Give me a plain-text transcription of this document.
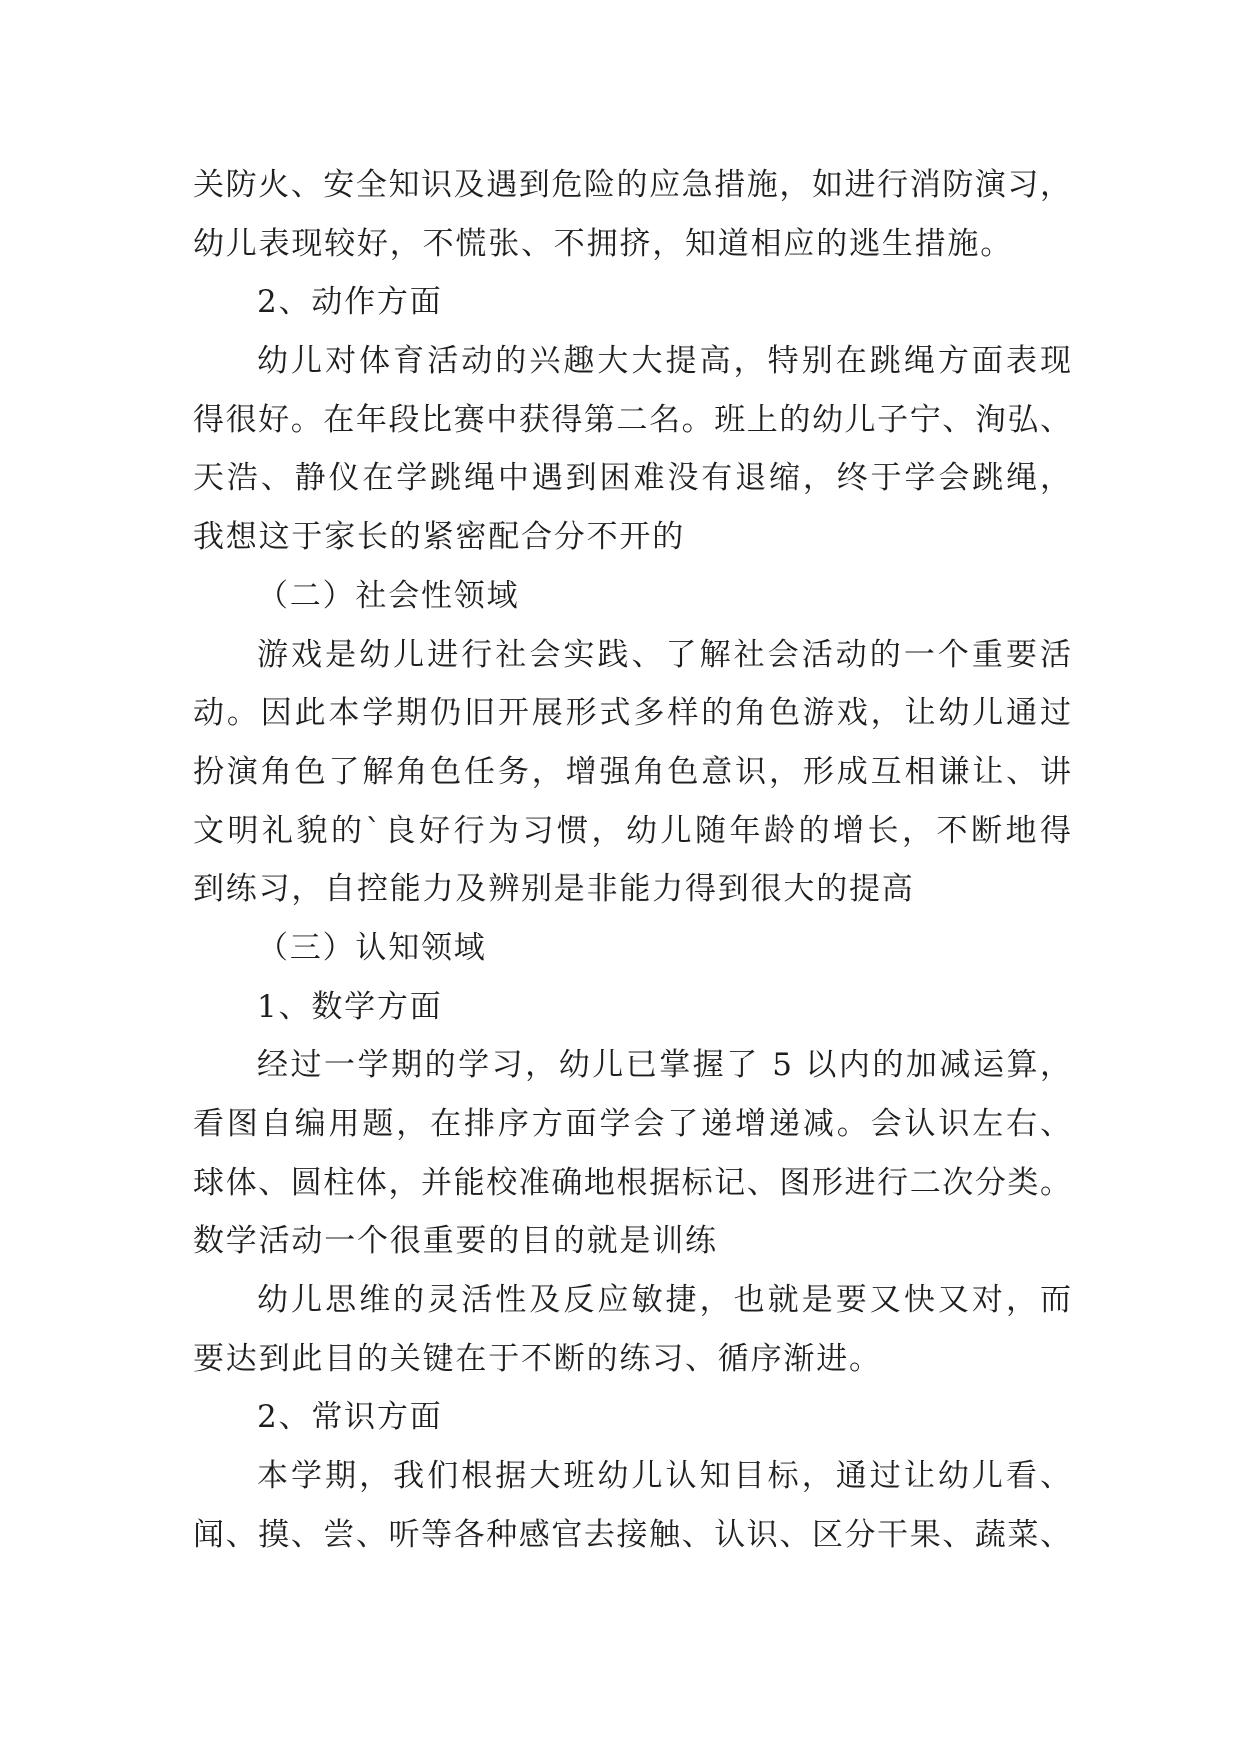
关防火、安全知识及遇到危险的应急措施，如进行消防演习，
幼儿表现较好，不慌张、不拥挤，知道相应的逃生措施。
2、动作方面
幼儿对体育活动的兴趣大大提高，特别在跳绳方面表现
得很好。在年段比赛中获得第二名。班上的幼儿子宁、洵弘、
天浩、静仪在学跳绳中遇到困难没有退缩，终于学会跳绳，
我想这于家长的紧密配合分不开的
（二）社会性领域
游戏是幼儿进行社会实践、了解社会活动的一个重要活
动。因此本学期仍旧开展形式多样的角色游戏，让幼儿通过
扮演角色了解角色任务，增强角色意识，形成互相谦让、讲
文明礼貌的`良好行为习惯，幼儿随年龄的增长，不断地得
到练习，自控能力及辨别是非能力得到很大的提高
（三）认知领域
1、数学方面
经过一学期的学习，幼儿已掌握了 5 以内的加减运算，
看图自编用题，在排序方面学会了递增递减。会认识左右、
球体、圆柱体，并能校准确地根据标记、图形进行二次分类。
数学活动一个很重要的目的就是训练
幼儿思维的灵活性及反应敏捷，也就是要又快又对，而
要达到此目的关键在于不断的练习、循序渐进。
2、常识方面
本学期，我们根据大班幼儿认知目标，通过让幼儿看、
闻、摸、尝、听等各种感官去接触、认识、区分干果、蔬菜、
